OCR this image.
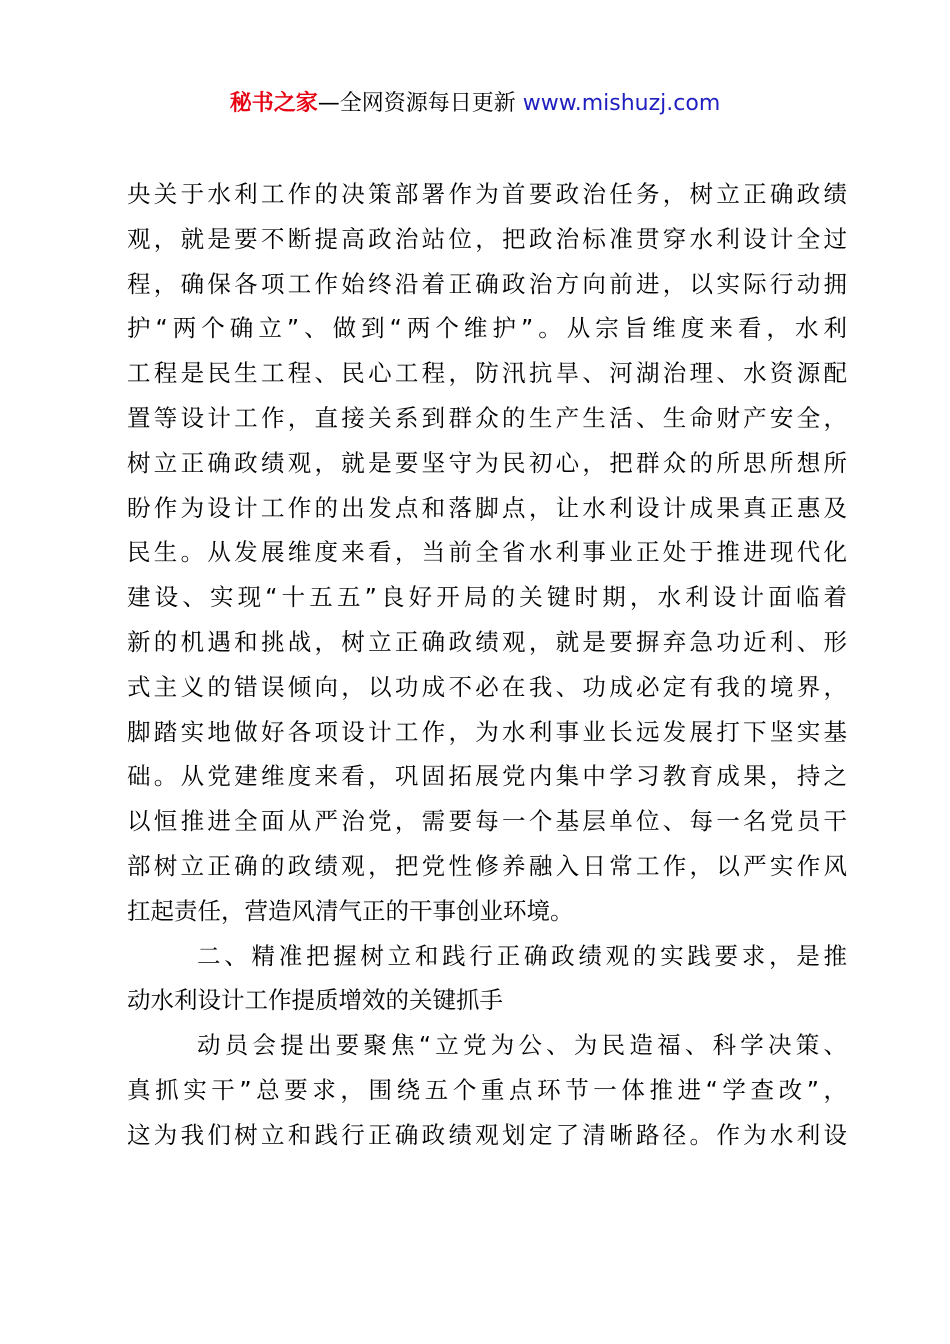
秘书之家—全网资源每日更新 www.mishuzj.com
央关于水利工作的决策部署作为首要政治任务，树立正确政绩
观，就是要不断提高政治站位，把政治标准贯穿水利设计全过
程，确保各项工作始终沿着正确政治方向前进，以实际行动拥
护“两个确立”、做到“两个维护”。从宗旨维度来看，水利
工程是民生工程、民心工程，防汛抗旱、河湖治理、水资源配
置等设计工作，直接关系到群众的生产生活、生命财产安全，
树立正确政绩观，就是要坚守为民初心，把群众的所思所想所
盼作为设计工作的出发点和落脚点，让水利设计成果真正惠及
民生。从发展维度来看，当前全省水利事业正处于推进现代化
建设、实现“十五五”良好开局的关键时期，水利设计面临着
新的机遇和挑战，树立正确政绩观，就是要摒弃急功近利、形
式主义的错误倾向，以功成不必在我、功成必定有我的境界，
脚踏实地做好各项设计工作，为水利事业长远发展打下坚实基
础。从党建维度来看，巩固拓展党内集中学习教育成果，持之
以恒推进全面从严治党，需要每一个基层单位、每一名党员干
部树立正确的政绩观，把党性修养融入日常工作，以严实作风
扛起责任，营造风清气正的干事创业环境。
二、精准把握树立和践行正确政绩观的实践要求，是推
动水利设计工作提质增效的关键抓手
动员会提出要聚焦“立党为公、为民造福、科学决策、
真抓实干”总要求，围绕五个重点环节一体推进“学查改”，
这为我们树立和践行正确政绩观划定了清晰路径。作为水利设
